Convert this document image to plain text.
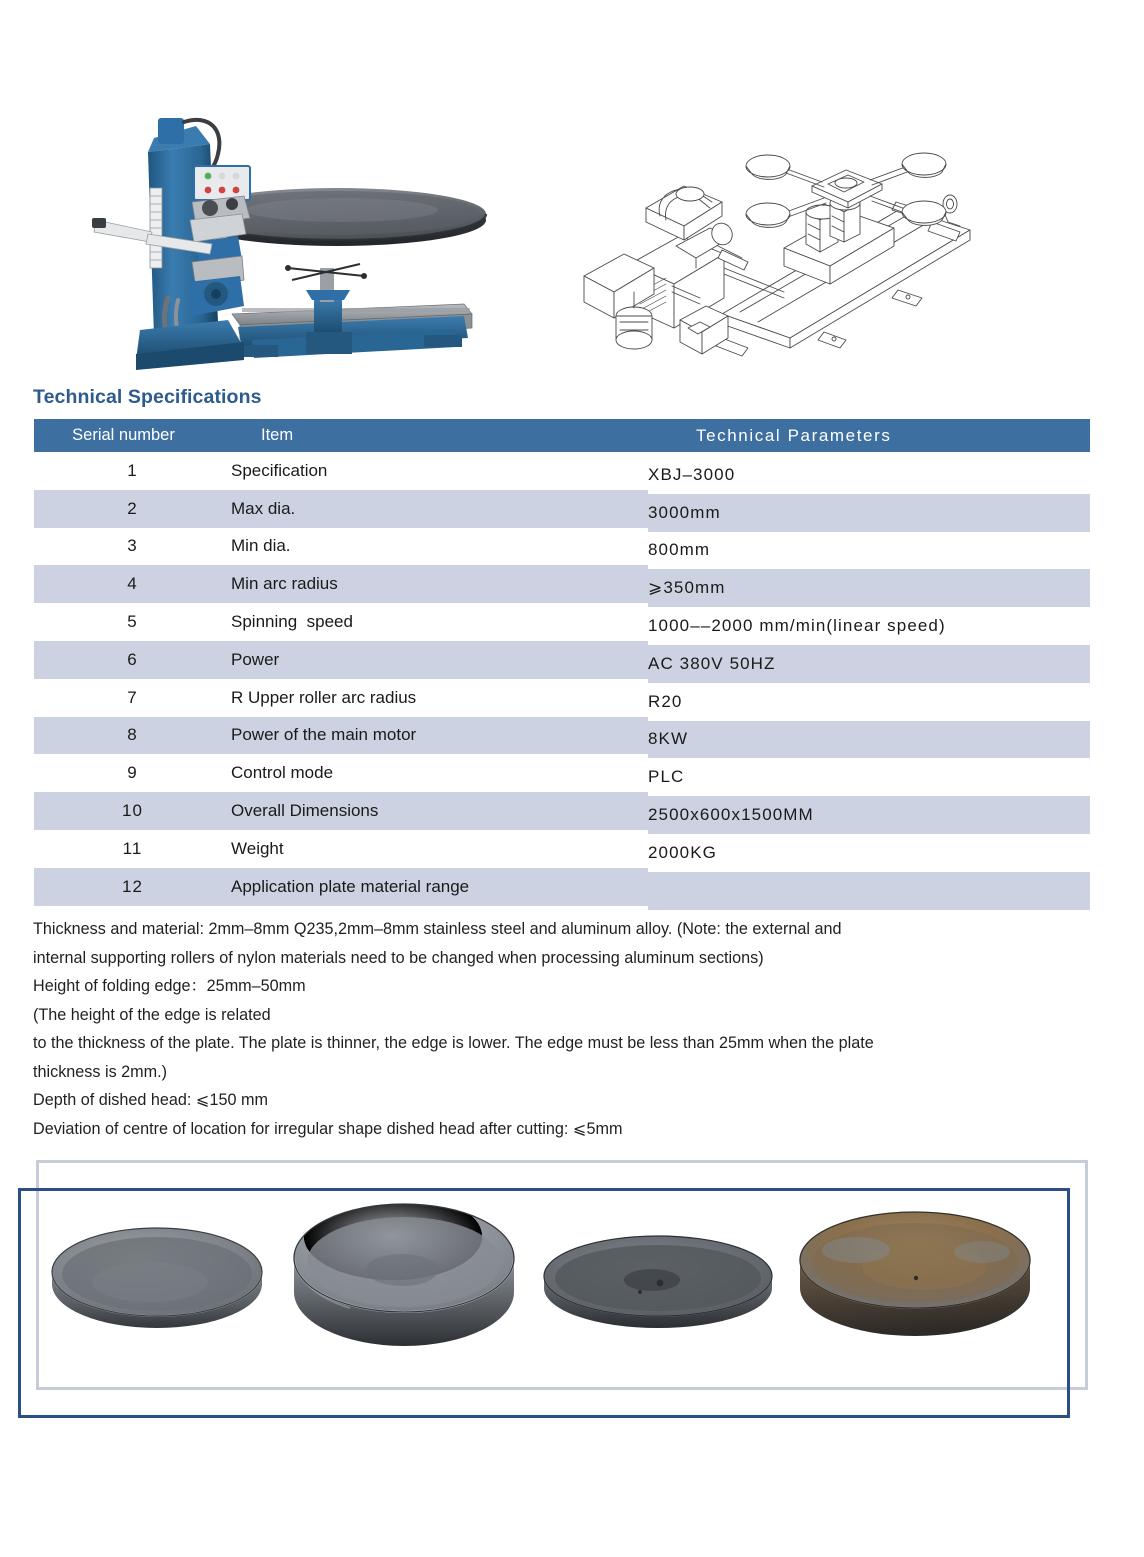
Technical Specifications
Serial number	Item	Technical Parameters
1	Specification	XBJ–3000
2	Max dia.	3000mm
3	Min dia.	800mm
4	Min arc radius	⩾350mm
5	Spinning  speed	1000––2000 mm/min(linear speed)
6	Power	AC 380V 50HZ
7	R Upper roller arc radius	R20
8	Power of the main motor	8KW
9	Control mode	PLC
10	Overall Dimensions	2500x600x1500MM
11	Weight	2000KG
12	Application plate material range	

Thickness and material: 2mm–8mm Q235,2mm–8mm stainless steel and aluminum alloy. (Note: the external and

internal supporting rollers of nylon materials need to be changed when processing aluminum sections)

Height of folding edge：25mm–50mm

(The height of the edge is related

to the thickness of the plate. The plate is thinner, the edge is lower. The edge must be less than 25mm when the plate

thickness is 2mm.)

Depth of dished head: ⩽150 mm

Deviation of centre of location for irregular shape dished head after cutting: ⩽5mm
